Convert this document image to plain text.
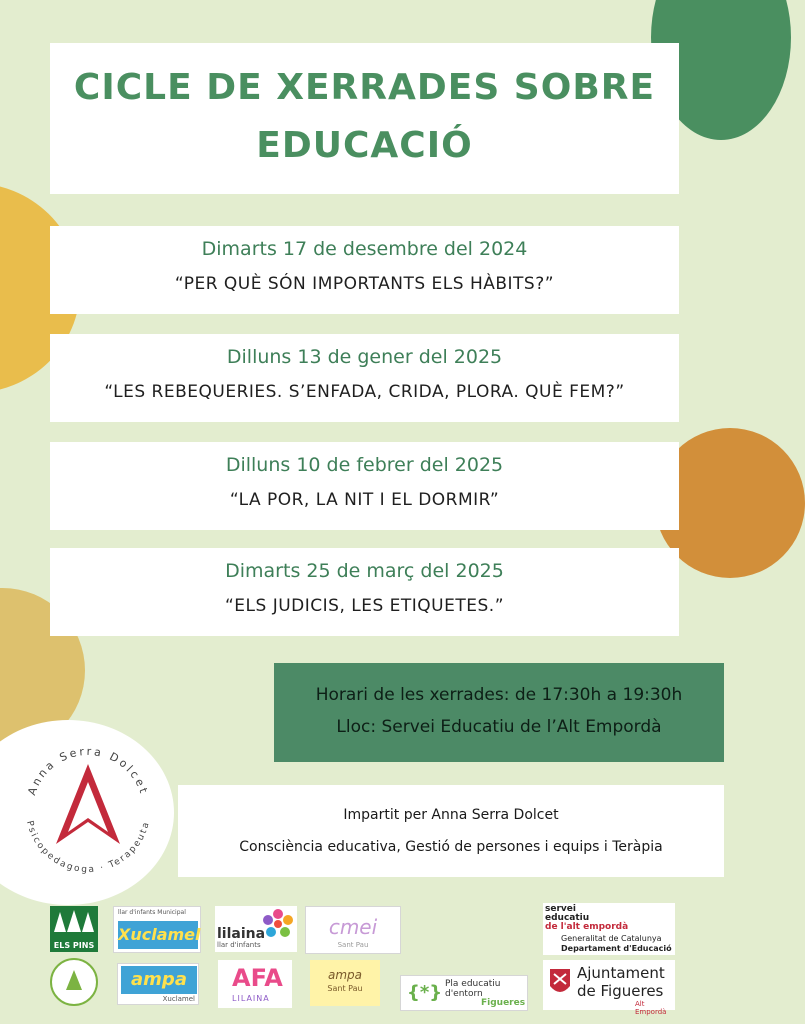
CICLE DE XERRADES SOBRE
EDUCACIÓ
Dimarts 17 de desembre del 2024
“PER QUÈ SÓN IMPORTANTS ELS HÀBITS?”
Dilluns 13 de gener del 2025
“LES REBEQUERIES. S’ENFADA, CRIDA, PLORA. QUÈ FEM?”
Dilluns 10 de febrer del 2025
“LA POR, LA NIT I EL DORMIR”
Dimarts 25 de març del 2025
“ELS JUDICIS, LES ETIQUETES.”
Horari de les xerrades: de 17:30h a 19:30h
Lloc: Servei Educatiu de l’Alt Empordà
Anna Serra Dolcet
Psicopedagoga · Terapeuta
Impartit per Anna Serra Dolcet
Consciència educativa, Gestió de persones i equips i Teràpia
ELS PINS
llar d'infants Municipal
Xuclamel lilaina
llar d'infants
cmei
Sant Pau
servei
educatiu
de l'alt empordà
Generalitat de Catalunya
Departament d'Educació
ampa
Xuclamel
AFA
LILAINA
ampa
Sant Pau	{*} Pla educatiu
d'entorn
Figueres
Ajuntament
de Figueres
Alt Empordà
